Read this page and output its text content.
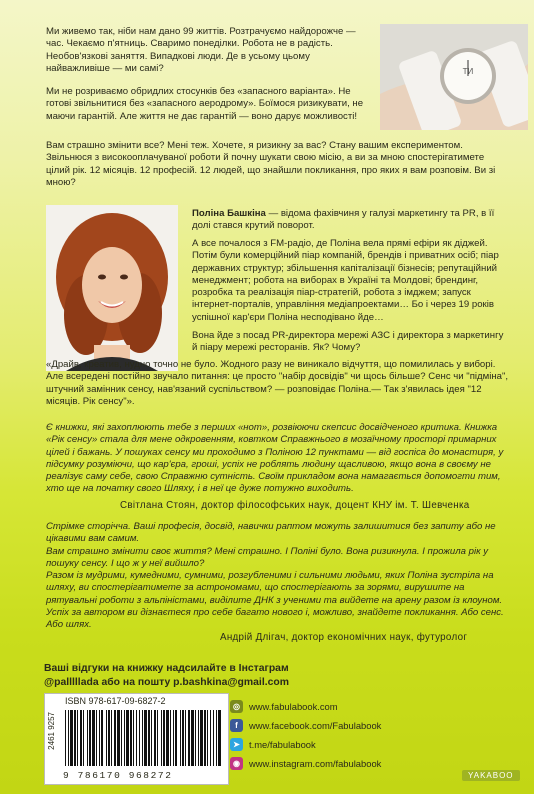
Ми живемо так, ніби нам дано 99 життів. Розтрачуємо найдорожче — час. Чекаємо п'ятниць. Сваримо понеділки. Робота не в радість. Необов'язкові заняття. Випадкові люди. Де в усьому цьому найважливіше — ми самі?
Ми не розриваємо обридлих стосунків без «запасного варіанта». Не готові звільнитися без «запасного аеродрому». Боїмося ризикувати, не маючи гарантій. Але життя не дає гарантій — воно дарує можливості!
Вам страшно змінити все? Мені теж. Хочете, я ризикну за вас? Стану вашим експериментом. Звільнюся з високооплачуваної роботи й почну шукати свою місію, а ви за мною спостерігатимете цілий рік. 12 місяців. 12 професій. 12 людей, що знайшли покликання, про яких я вам розповім. Ви зі мною?
ТИ
Поліна Башкіна — відома фахівчиня у галузі маркетингу та PR, в її долі стався крутий поворот.
А все почалося з FM-радіо, де Поліна вела прямі ефіри як діджей. Потім були комерційний піар компаній, брендів і приватних осіб; піар державних структур; збільшення капіталізації бізнесів; репутаційний менеджмент; робота на виборах в Україні та Молдові; брендинг, розробка та реалізація піар-стратегій, робота з імджем; запуск інтернет-порталів, управління медіапроектами… Бо і через 19 років успішної кар'єри Поліна несподівано йде…
Вона йде з посад PR-директора мережі АЗС і директора з маркетингу й піару мережі ресторанів. Як? Чому?
«Драйв, креатив, нудно точно не було. Жодного разу не виникало відчуття, що помилилась у виборі. Але всередені постійно звучало питання: це просто "набір досвідів" чи щось більше? Сенс чи "підміна", штучний замінник сенсу, нав'язаний суспільством? — розповідає Поліна.— Так з'явилась ідея "12 місяців. Рік сенсу"».
Є книжки, які захоплюють тебе з перших «нот», розвіюючи скепсис досвідченого критика. Книжка «Рік сенсу» стала для мене одкровенням, ковтком Справжнього в мозаїчному просторі примарних цілей і бажань. У пошуках сенсу ми проходимо з Поліною 12 пунктами — від госпіса до монастиря, у підсумку розуміючи, що кар'єра, гроші, успіх не роблять людину щасливою, якщо вона в своєму не реалізує саму себе, свою Справжню сутність. Своїм прикладом вона намагається допомогти тим, хто ще на початку свого Шляху, і в неї це дуже потужно виходить.
Світлана Стоян, доктор філософських наук, доцент КНУ ім. Т. Шевченка
Стрімке сторічча. Ваші професія, досвід, навички раптом можуть залишитися без запиту або не цікавими вам самим.
Вам страшно змінити своє життя? Мені страшно. І Поліні було. Вона ризикнула. І прожила рік у пошуку сенсу. І що ж у неї вийшло?
Разом із мудрими, кумедними, сумними, розгубленими і сильними людьми, яких Поліна зустріла на шляху, ви спостерігатимете за астрономами, що спостерігають за зорями, вирушите на рятувальні роботи з альпіністами, виділите ДНК з ученими та вийдете на арену разом із клоуном.
Успіх за автором ви дізнаєтеся про себе багато нового і, можливо, знайдете покликання. Або сенс. Або шлях.
Андрій Длігач, доктор економічних наук, футуролог
Ваші відгуки на книжку надсилайте в Інстаграм
@palllllada або на пошту p.bashkina@gmail.com
ISBN 978-617-09-6827-2
2461 9257
9 786170 968272
◎ www.fabulabook.com
f	www.facebook.com/Fabulabook
➤ t.me/fabulabook
◉ www.instagram.com/fabulabook
YAKABOO
